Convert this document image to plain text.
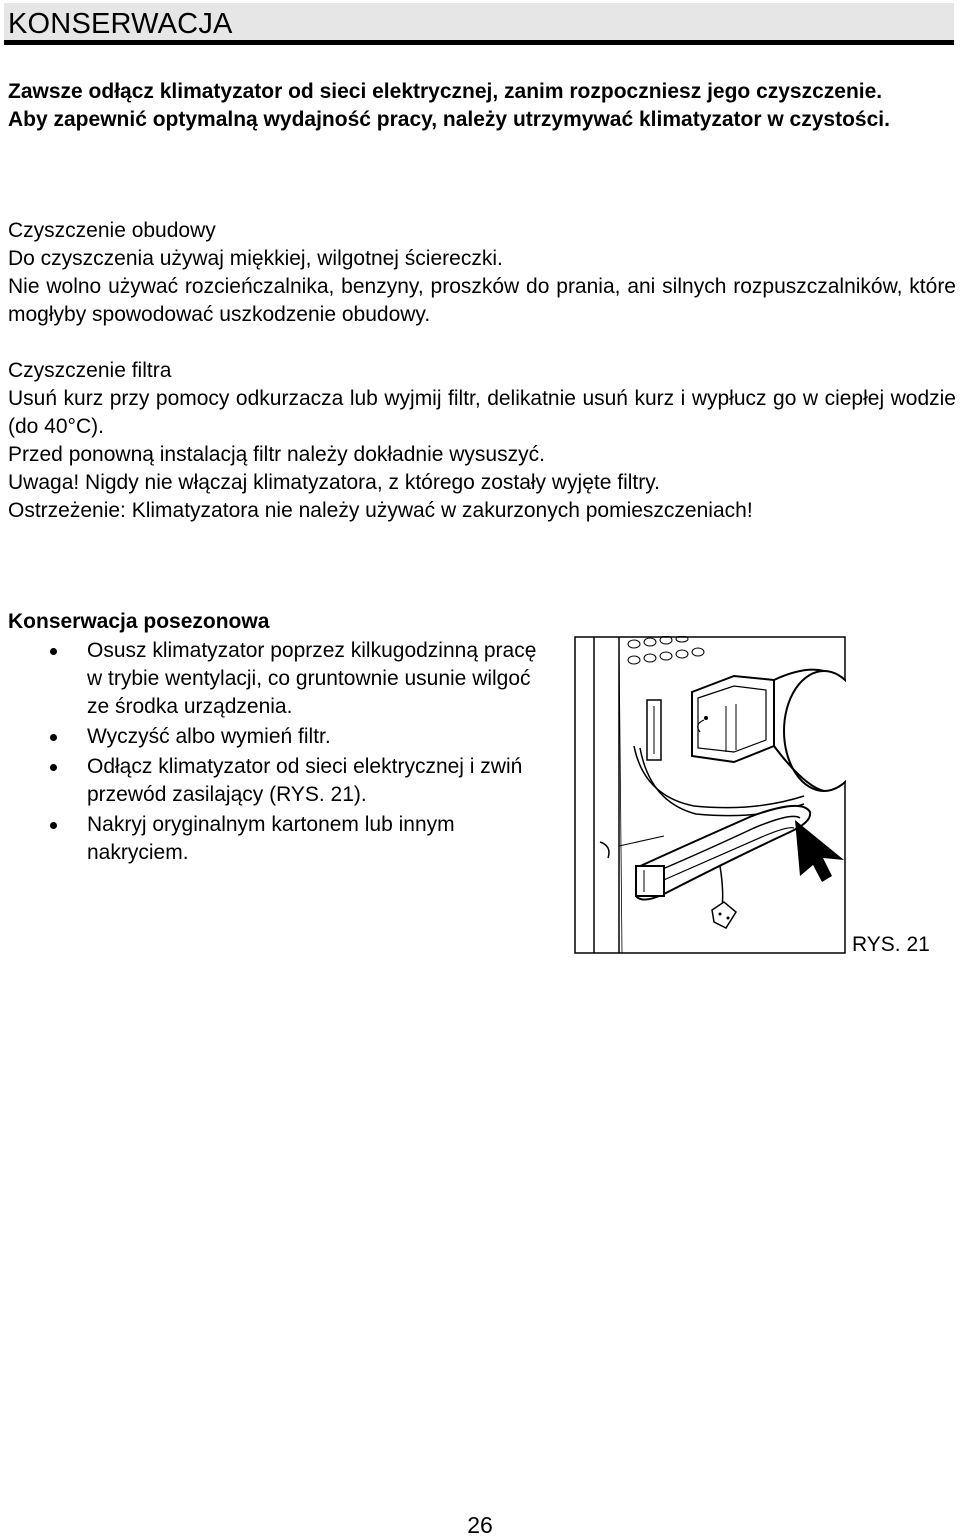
KONSERWACJA

Zawsze odłącz klimatyzator od sieci elektrycznej, zanim rozpoczniesz jego czyszczenie.

Aby zapewnić optymalną wydajność pracy, należy utrzymywać klimatyzator w czystości.

Czyszczenie obudowy

Do czyszczenia używaj miękkiej, wilgotnej ściereczki.

Nie wolno używać rozcieńczalnika, benzyny, proszków do prania, ani silnych rozpuszczalników, które mogłyby spowodować uszkodzenie obudowy.

Czyszczenie filtra

Usuń kurz przy pomocy odkurzacza lub wyjmij filtr, delikatnie usuń kurz i wypłucz go w ciepłej wodzie (do 40°C).

Przed ponowną instalacją filtr należy dokładnie wysuszyć.

Uwaga! Nigdy nie włączaj klimatyzatora, z którego zostały wyjęte filtry.

Ostrzeżenie: Klimatyzatora nie należy używać w zakurzonych pomieszczeniach!

Konserwacja posezonowa

Osusz klimatyzator poprzez kilkugodzinną pracę w trybie wentylacji, co gruntownie usunie wilgoć ze środka urządzenia.
Wyczyść albo wymień filtr.
Odłącz klimatyzator od sieci elektrycznej i zwiń przewód zasilający (RYS. 21).
Nakryj oryginalnym kartonem lub innym nakryciem.
RYS. 21
26
